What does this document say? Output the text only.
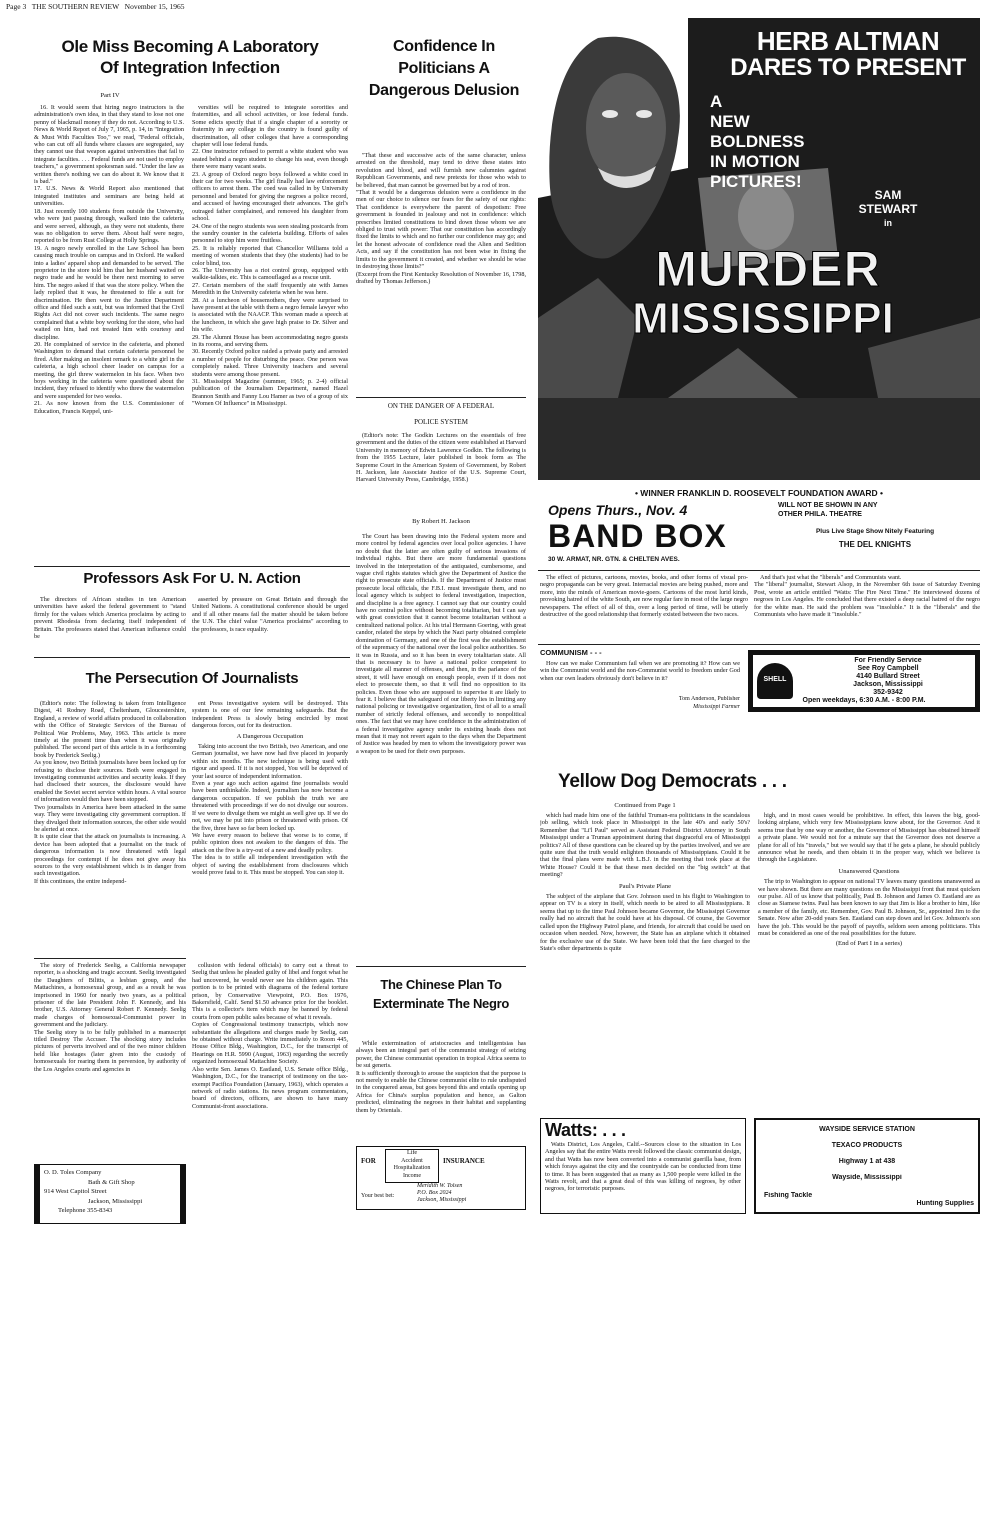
Page 3   THE SOUTHERN REVIEW   November 15, 1965
Ole Miss Becoming A Laboratory
Of Integration Infection
Part IV

16. It would seem that hiring negro instructors is the administration's own idea, in that they stand to lose not one penny of blackmail money if they do not. According to U.S. News & World Report of July 7, 1965, p. 14, in "Integration & Must With Faculties Too," we read, "Federal officials, who can cut off all funds where classes are segregated, say they cannot use that weapon against universities that fail to integrate faculties. . . . Federal funds are not used to employ teachers," a government spokesman said. "Under the law as written there's nothing we can do about it. We know that it is bad."
17. U.S. News & World Report also mentioned that integrated institutes and seminars are being held at universities.
18. Just recently 100 students from outside the University, who were just passing through, walked into the cafeteria and were served, although, as they were not students, there was no obligation to serve them. About half were negro, reported to be from Rust College at Holly Springs.
19. A negro newly enrolled in the Law School has been causing much trouble on campus and in Oxford. He walked into a ladies' apparel shop and demanded to be served. The proprietor in the store told him that her husband waited on negro trade and he would be there next morning to serve him. The negro asked if that was the store policy. When the lady replied that it was, he threatened to file a suit for discrimination. He then went to the Justice Department office and filed such a suit, but was informed that the Civil Rights Act did not cover such incidents. The same negro complained that a white boy working for the store, who had waited on him, had not treated him with courtesy and discipline.
20. He complained of service in the cafeteria, and phoned Washington to demand that certain cafeteria personnel be fired. After making an insolent remark to a white girl in the cafeteria, a high school cheer leader on campus for a meeting, the girl threw watermelon in his face. When two boys working in the cafeteria were questioned about the incident, they refused to identify who threw the watermelon and were suspended for two weeks.
21. As now known from the U.S. Commissioner of Education, Francis Keppel, uni-

versities will be required to integrate sororities and fraternities, and all school activities, or lose federal funds. Some edicts specify that if a single chapter of a sorority or fraternity in any college in the country is found guilty of discrimination, all other colleges that have a corresponding chapter will lose federal funds.
22. One instructor refused to permit a white student who was seated behind a negro student to change his seat, even though there were many vacant seats.
23. A group of Oxford negro boys followed a white coed in their car for two weeks. The girl finally had law enforcement officers to arrest them. The coed was called in by University personnel and berated for giving the negroes a police record, and accused of having encouraged their advances. The girl's outraged father complained, and removed his daughter from school.
24. One of the negro students was seen stealing postcards from the sundry counter in the cafeteria building. Efforts of sales personnel to stop him were fruitless.
25. It is reliably reported that Chancellor Williams told a meeting of women students that they (the students) had to be color blind, too.
26. The University has a riot control group, equipped with walkie-talkies, etc. This is camouflaged as a rescue unit.
27. Certain members of the staff frequently ate with James Meredith in the University cafeteria when he was here.
28. At a luncheon of housemothers, they were surprised to have present at the table with them a negro female lawyer who is associated with the NAACP. This woman made a speech at the luncheon, in which she gave high praise to Dr. Silver and his wife.
29. The Alumni House has been accommodating negro guests in its rooms, and serving them.
30. Recently Oxford police raided a private party and arrested a number of people for disturbing the peace. One person was completely naked. Three University teachers and several students were among those present.
31. Mississippi Magazine (summer, 1965; p. 2-4) official publication of the Journalism Department, named Hazel Brannon Smith and Fanny Lou Hamer as two of a group of six "Women Of Influence" in Mississippi.

Confidence In
Politicians A
Dangerous Delusion

"That these and successive acts of the same character, unless arrested on the threshold, may tend to drive these states into revolution and blood, and will furnish new calumnies against Republican Governments, and new pretexts for those who wish to be believed, that man cannot be governed but by a rod of iron.
"That it would be a dangerous delusion were a confidence in the men of our choice to silence our fears for the safety of our rights: That confidence is everywhere the parent of despotism: Free government is founded in jealousy and not in confidence: which prescribes limited constitutions to bind down those whom we are obliged to trust with power: That our constitution has accordingly fixed the limits to which and no further our confidence may go; and let the honest advocate of confidence read the Alien and Sedition Acts, and say if the constitution has not been wise in fixing the limits to the government it created, and whether we should be wise in destroying those limits?"
(Excerpt from the First Kentucky Resolution of November 16, 1798, drafted by Thomas Jefferson.)

ON THE DANGER OF A FEDERAL
POLICE SYSTEM

(Editor's note: The Godkin Lectures on the essentials of free government and the duties of the citizen were established at Harvard University in memory of Edwin Lawrence Godkin. The following is from the 1955 Lecture, later published in book form as The Supreme Court in the American System of Government, by Robert H. Jackson, late Associate Justice of the U.S. Supreme Court, Harvard University Press, Cambridge, 1958.)

By Robert H. Jackson

The Court has been drawing into the Federal system more and more control by federal agencies over local police agencies. I have no doubt that the latter are often guilty of serious invasions of individual rights. But there are more fundamental questions involved in the interpretation of the antiquated, cumbersome, and vague civil rights statutes which give the Department of Justice the right to prosecute state officials. If the Department of Justice must prosecute local officials, the F.B.I. must investigate them, and no local agency which is subject to federal investigation, inspection, and discipline is a free agency. I cannot say that our country could have no central police without becoming totalitarian, but I can say with great conviction that it cannot become totalitarian without a centralized national police. At his trial Hermann Goering, with great candor, related the steps by which the Nazi party obtained complete domination of Germany, and one of the first was the establishment of the supremacy of the national over the local police authorities. So it was in Russia, and so it has been in every totalitarian state. All that is necessary is to have a national police competent to investigate all manner of offenses, and then, in the parlance of the street, it will have enough on enough people, even if it does not elect to prosecute them, so that it will find no opposition to its policies. Even those who are supposed to supervise it are likely to fear it. I believe that the safeguard of our liberty lies in limiting any national policing or investigative organization, first of all to a small number of strictly federal offenses, and secondly to nonpolitical ones. The fact that we may have confidence in the administration of a federal investigative agency under its existing heads does not mean that it may not revert again to the days when the Department of Justice was headed by men to whom the investigatory power was a weapon to be used for their own purposes.

The Chinese Plan To
Exterminate The Negro

While extermination of aristocracies and intelligentsias has always been an integral part of the communist strategy of seizing power, the Chinese communist operation in tropical Africa seems to be sui generis.
It is sufficiently thorough to arouse the suspicion that the purpose is not merely to enable the Chinese communist elite to rule undisputed in the conquered areas, but goes beyond this and entails opening up Africa for China's surplus population and hence, as Galton predicted, eliminating the negroes in their habitat and supplanting them by Orientals.

FOR
Life
Accident
Hospitalization
Income
INSURANCE
Your best bet:
Meridith W. Tolsen
P.O. Box 2024
Jackson, Mississippi
Professors Ask For U. N. Action

The directors of African studies in ten American universities have asked the federal government to "stand firmly for the values which America proclaims by acting to prevent Rhodesia from declaring itself independent of Britain. The professors stated that American influence could be

asserted by pressure on Great Britain and through the United Nations. A constitutional conference should be urged and if all other means fail the matter should be taken before the U.N. The chief value "America proclaims" according to the professors, is race equality.

The Persecution Of Journalists

(Editor's note: The following is taken from Intelligence Digest, 41 Rodney Road, Cheltenham, Gloucestershire, England, a review of world affairs produced in collaboration with the Office of Strategic Services of the Bureau of Political War Problems, May, 1963. This article is more timely at the present time than when it was originally published. The second part of this article is in a forthcoming book by Frederick Seelig.)
As you know, two British journalists have been locked up for refusing to disclose their sources. Both were engaged in investigating communist activities and security leaks. If they had disclosed their sources, the disclosure would have enabled the Soviet secret service within hours. A vital source of information would then have been stopped.
Two journalists in America have been attacked in the same way. They were investigating city government corruption. If they divulged their information sources, the other side would be alerted at once.
It is quite clear that the attack on journalists is increasing. A device has been adopted that a journalist on the track of dangerous information is now threatened with legal proceedings for contempt if he does not give away his sources to the very establishment which is in danger from such investigation.
If this continues, the entire independ-

ent Press investigative system will be destroyed. This system is one of our few remaining safeguards. But the independent Press is slowly being encircled by most dangerous forces, out for its destruction.

A Dangerous Occupation

Taking into account the two British, two American, and one German journalist, we have now had five placed in jeopardy within six months. The new technique is being used with rigour and speed. If it is not stopped, You will be deprived of your last source of independent information.
Even a year ago such action against fine journalists would have been unthinkable. Indeed, journalism has now become a dangerous occupation. If we publish the truth we are threatened with proceedings if we do not divulge our sources. If we were to divulge them we might as well give up. If we do not, we may be put into prison or threatened with prison. Of the five, three have so far been locked up.
We have every reason to believe that worse is to come, if public opinion does not awaken to the dangers of this. The attack on the five is a try-out of a new and deadly policy.
The idea is to stifle all independent investigation with the object of saving the establishment from disclosures which would prove fatal to it. This must be stopped. You can stop it.

The story of Frederick Seelig, a California newspaper reporter, is a shocking and tragic account. Seelig investigated the Daughters of Bilitis, a lesbian group, and the Mattachines, a homosexual group, and as a result he was imprisoned in 1960 for nearly two years, as a political prisoner of the late President John F. Kennedy, and his brother, U.S. Attorney General Robert F. Kennedy. Seelig made charges of homosexual-Communist power in government and the judiciary.
The Seelig story is to be fully published in a manuscript titled Destroy The Accuser. The shocking story includes pictures of perverts involved and of the two minor children held like hostages (later given into the custody of homosexuals for rearing them in perversion, by authority of the Los Angeles courts and agencies in

collusion with federal officials) to carry out a threat to Seelig that unless he pleaded guilty of libel and forgot what he had uncovered, he would never see his children again. This portion is to be printed with diagrams of the federal torture prison, by Conservative Viewpoint, P.O. Box 1976, Bakersfield, Calif. Send $1.50 advance price for the booklet. This is a collector's item which may be banned by federal courts from open public sales because of what it reveals.
Copies of Congressional testimony transcripts, which now substantiate the allegations and charges made by Seelig, can be obtained without charge. Write immediately to Room 445, House Office Bldg., Washington, D.C., for the transcript of Hearings on H.R. 5990 (August, 1963) regarding the secretly organized homosexual Mattachine Society.
Also write Sen. James O. Eastland, U.S. Senate office Bldg., Washington, D.C., for the transcript of testimony on the tax-exempt Pacifica Foundation (January, 1963), which operates a network of radio stations. Its news program commentators, board of directors, officers, are shown to have many Communist-front associations.

O. D. Toles Company
Bath & Gift Shop
914 West Capitol Street
Jackson, Mississippi
Telephone 355-8343
HERB ALTMAN
DARES TO PRESENT
A
NEW
BOLDNESS
IN MOTION
PICTURES!
SAM
STEWART
in
MURDER
MISSISSIPPI
• WINNER FRANKLIN D. ROOSEVELT FOUNDATION AWARD •
Opens Thurs., Nov. 4	WILL NOT BE SHOWN IN ANY
OTHER PHILA. THEATRE
BAND BOX	Plus Live Stage Show Nitely Featuring
THE DEL KNIGHTS
30 W. ARMAT, NR. GTN. & CHELTEN AVES.

The effect of pictures, cartoons, movies, books, and other forms of visual pro-negro propaganda can be very great. Interracial movies are being pushed, more and more, into the minds of American movie-goers. Cartoons of the most lurid kinds, provoking hatred of the white South, are now regular fare in most of the large negro newspapers. The effect of all of this, over a long period of time, will be utterly destructive of the good relationship that formerly existed between the two races.

And that's just what the "liberals" and Communists want.
The "liberal" journalist, Stewart Alsop, in the November 6th issue of Saturday Evening Post, wrote an article entitled "Watts: The Fire Next Time." He interviewed dozens of negroes in Los Angeles. He concluded that there existed a deep racial hatred of the negro for the white man. He said the problem was "insoluble." It is the "liberals" and the Communists who have made it "insoluble."

COMMUNISM - - -

How can we make Communism fail when we are promoting it? How can we win the Communist world and the non-Communist world to freedom under God when our own leaders obviously don't believe in it?

Tom Anderson, Publisher
Mississippi Farmer
SHELL
For Friendly Service
See Roy Campbell
4140 Bullard Street
Jackson, Mississippi
352-9342
Open weekdays, 6:30 A.M. - 8:00 P.M.
Yellow Dog Democrats . . .
Continued from Page 1

which had made him one of the faithful Truman-era politicians in the scandalous job selling, which took place in Mississippi in the late 40's and early 50's? Remember that "Li'l Paul" served as Assistant Federal District Attorney in South Mississippi under a Truman appointment during that disgraceful era of Mississippi politics? All of these questions can be cleared up by the parties involved, and we are quite sure that the truth would enlighten thousands of Mississippians. Could it be that the final plans were made with L.B.J. in the meeting that took place at the White House? Could it be that these men decided on the "big switch" at that meeting?

Paul's Private Plane

The subject of the airplane that Gov. Johnson used in his flight to Washington to appear on TV is a story in itself, which needs to be aired to all Mississippians. It seems that up to the time Paul Johnson became Governor, the Mississippi Governor really had no aircraft that he could have at his disposal. Of course, the Governor called upon the Highway Patrol plane, and friends, for aircraft that could be used on occasion when needed. Now, however, the State has an airplane which it obtained for the exclusive use of the State. We have been told that the fare charged to the State's other departments is quite

high, and in most cases would be prohibitive. In effect, this leaves the big, good-looking airplane, which very few Mississippians know about, for the Governor. And it seems true that by one way or another, the Governor of Mississippi has obtained himself a private plane. We would not for a minute say that the Governor does not deserve a plane for all of his "travels," but we would say that if he gets a plane, he should publicly announce what he needs, and then obtain it in the proper way, which we believe is through the Legislature.

Unanswered Questions

The trip to Washington to appear on national TV leaves many questions unanswered as we have shown. But there are many questions on the Mississippi front that must quicken our pulse. All of us know that politically, Paul B. Johnson and James O. Eastland are as close as Siamese twins. Paul has been known to say that Jim is like a brother to him, like a member of the family, etc. Remember, Gov. Paul B. Johnson, Sr., appointed Jim to the Senate. Now after 20-odd years Sen. Eastland can step down and let Gov. Johnson's son have the job. This would be the payoff of payoffs, seldom seen among politicians. This must be considered as one of the real possibilities for the future.

(End of Part I in a series)
Watts: . . .

Watts District, Los Angeles, Calif.--Sources close to the situation in Los Angeles say that the entire Watts revolt followed the classic communist design, and that Watts has now been converted into a communist guerilla base, from which forays against the city and the countryside can be conducted from time to time. It has been suggested that as many as 1,500 people were killed in the Watts revolt, and that a great deal of this was killing of negroes, by other negroes, for terroristic purposes.

WAYSIDE SERVICE STATION
TEXACO PRODUCTS
Highway 1 at 438
Wayside, Mississippi
Fishing Tackle
Hunting Supplies
